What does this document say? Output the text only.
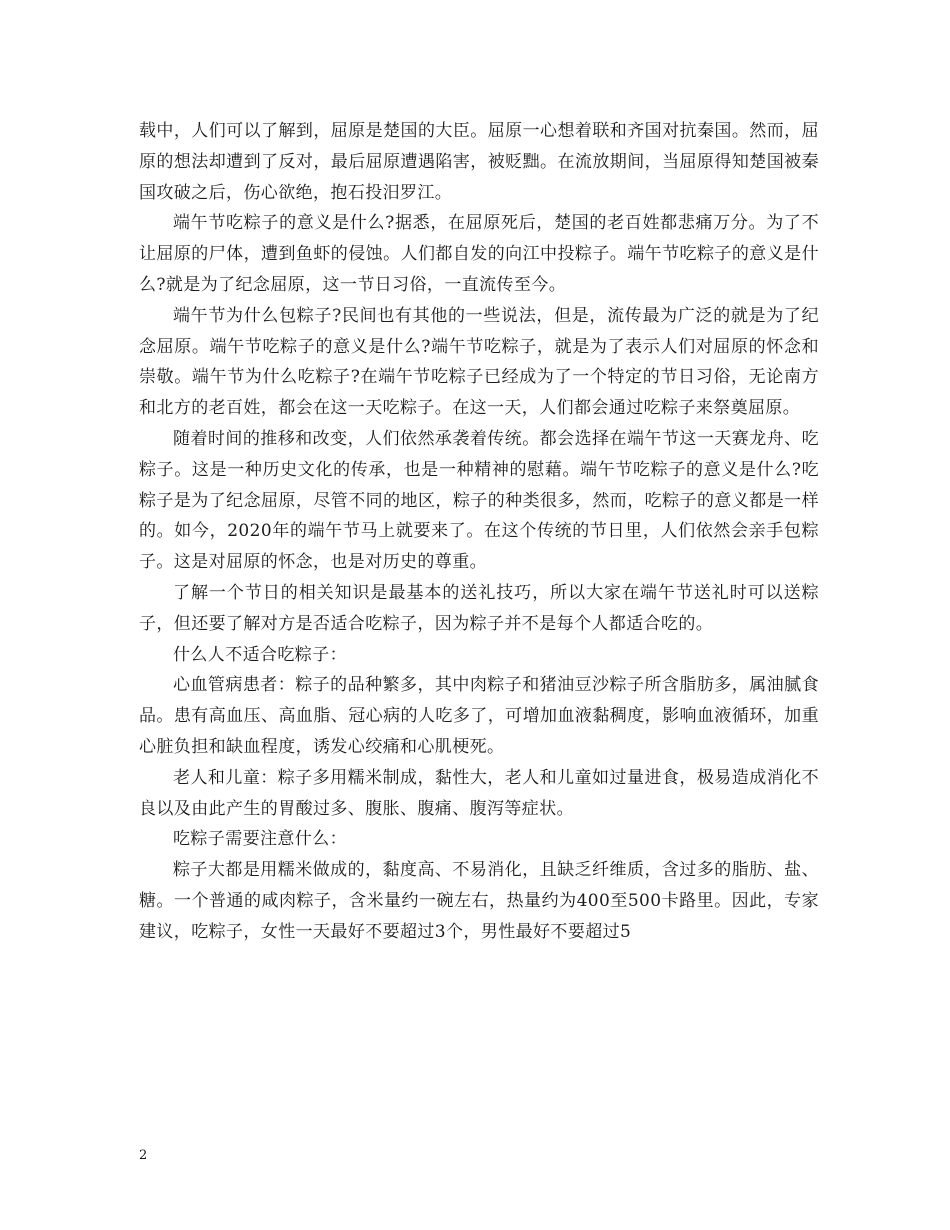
载中，人们可以了解到，屈原是楚国的大臣。屈原一心想着联和齐国对抗秦国。然而，屈原的想法却遭到了反对，最后屈原遭遇陷害，被贬黜。在流放期间，当屈原得知楚国被秦国攻破之后，伤心欲绝，抱石投汨罗江。

端午节吃粽子的意义是什么?据悉，在屈原死后，楚国的老百姓都悲痛万分。为了不让屈原的尸体，遭到鱼虾的侵蚀。人们都自发的向江中投粽子。端午节吃粽子的意义是什么?就是为了纪念屈原，这一节日习俗，一直流传至今。

端午节为什么包粽子?民间也有其他的一些说法，但是，流传最为广泛的就是为了纪念屈原。端午节吃粽子的意义是什么?端午节吃粽子，就是为了表示人们对屈原的怀念和崇敬。端午节为什么吃粽子?在端午节吃粽子已经成为了一个特定的节日习俗，无论南方和北方的老百姓，都会在这一天吃粽子。在这一天，人们都会通过吃粽子来祭奠屈原。

随着时间的推移和改变，人们依然承袭着传统。都会选择在端午节这一天赛龙舟、吃粽子。这是一种历史文化的传承，也是一种精神的慰藉。端午节吃粽子的意义是什么?吃粽子是为了纪念屈原，尽管不同的地区，粽子的种类很多，然而，吃粽子的意义都是一样的。如今，2020年的端午节马上就要来了。在这个传统的节日里，人们依然会亲手包粽子。这是对屈原的怀念，也是对历史的尊重。

了解一个节日的相关知识是最基本的送礼技巧，所以大家在端午节送礼时可以送粽子，但还要了解对方是否适合吃粽子，因为粽子并不是每个人都适合吃的。

什么人不适合吃粽子：

心血管病患者：粽子的品种繁多，其中肉粽子和猪油豆沙粽子所含脂肪多，属油腻食品。患有高血压、高血脂、冠心病的人吃多了，可增加血液黏稠度，影响血液循环，加重心脏负担和缺血程度，诱发心绞痛和心肌梗死。

老人和儿童：粽子多用糯米制成，黏性大，老人和儿童如过量进食，极易造成消化不良以及由此产生的胃酸过多、腹胀、腹痛、腹泻等症状。

吃粽子需要注意什么：

粽子大都是用糯米做成的，黏度高、不易消化，且缺乏纤维质，含过多的脂肪、盐、糖。一个普通的咸肉粽子，含米量约一碗左右，热量约为400至500卡路里。因此，专家建议，吃粽子，女性一天最好不要超过3个，男性最好不要超过5

2
